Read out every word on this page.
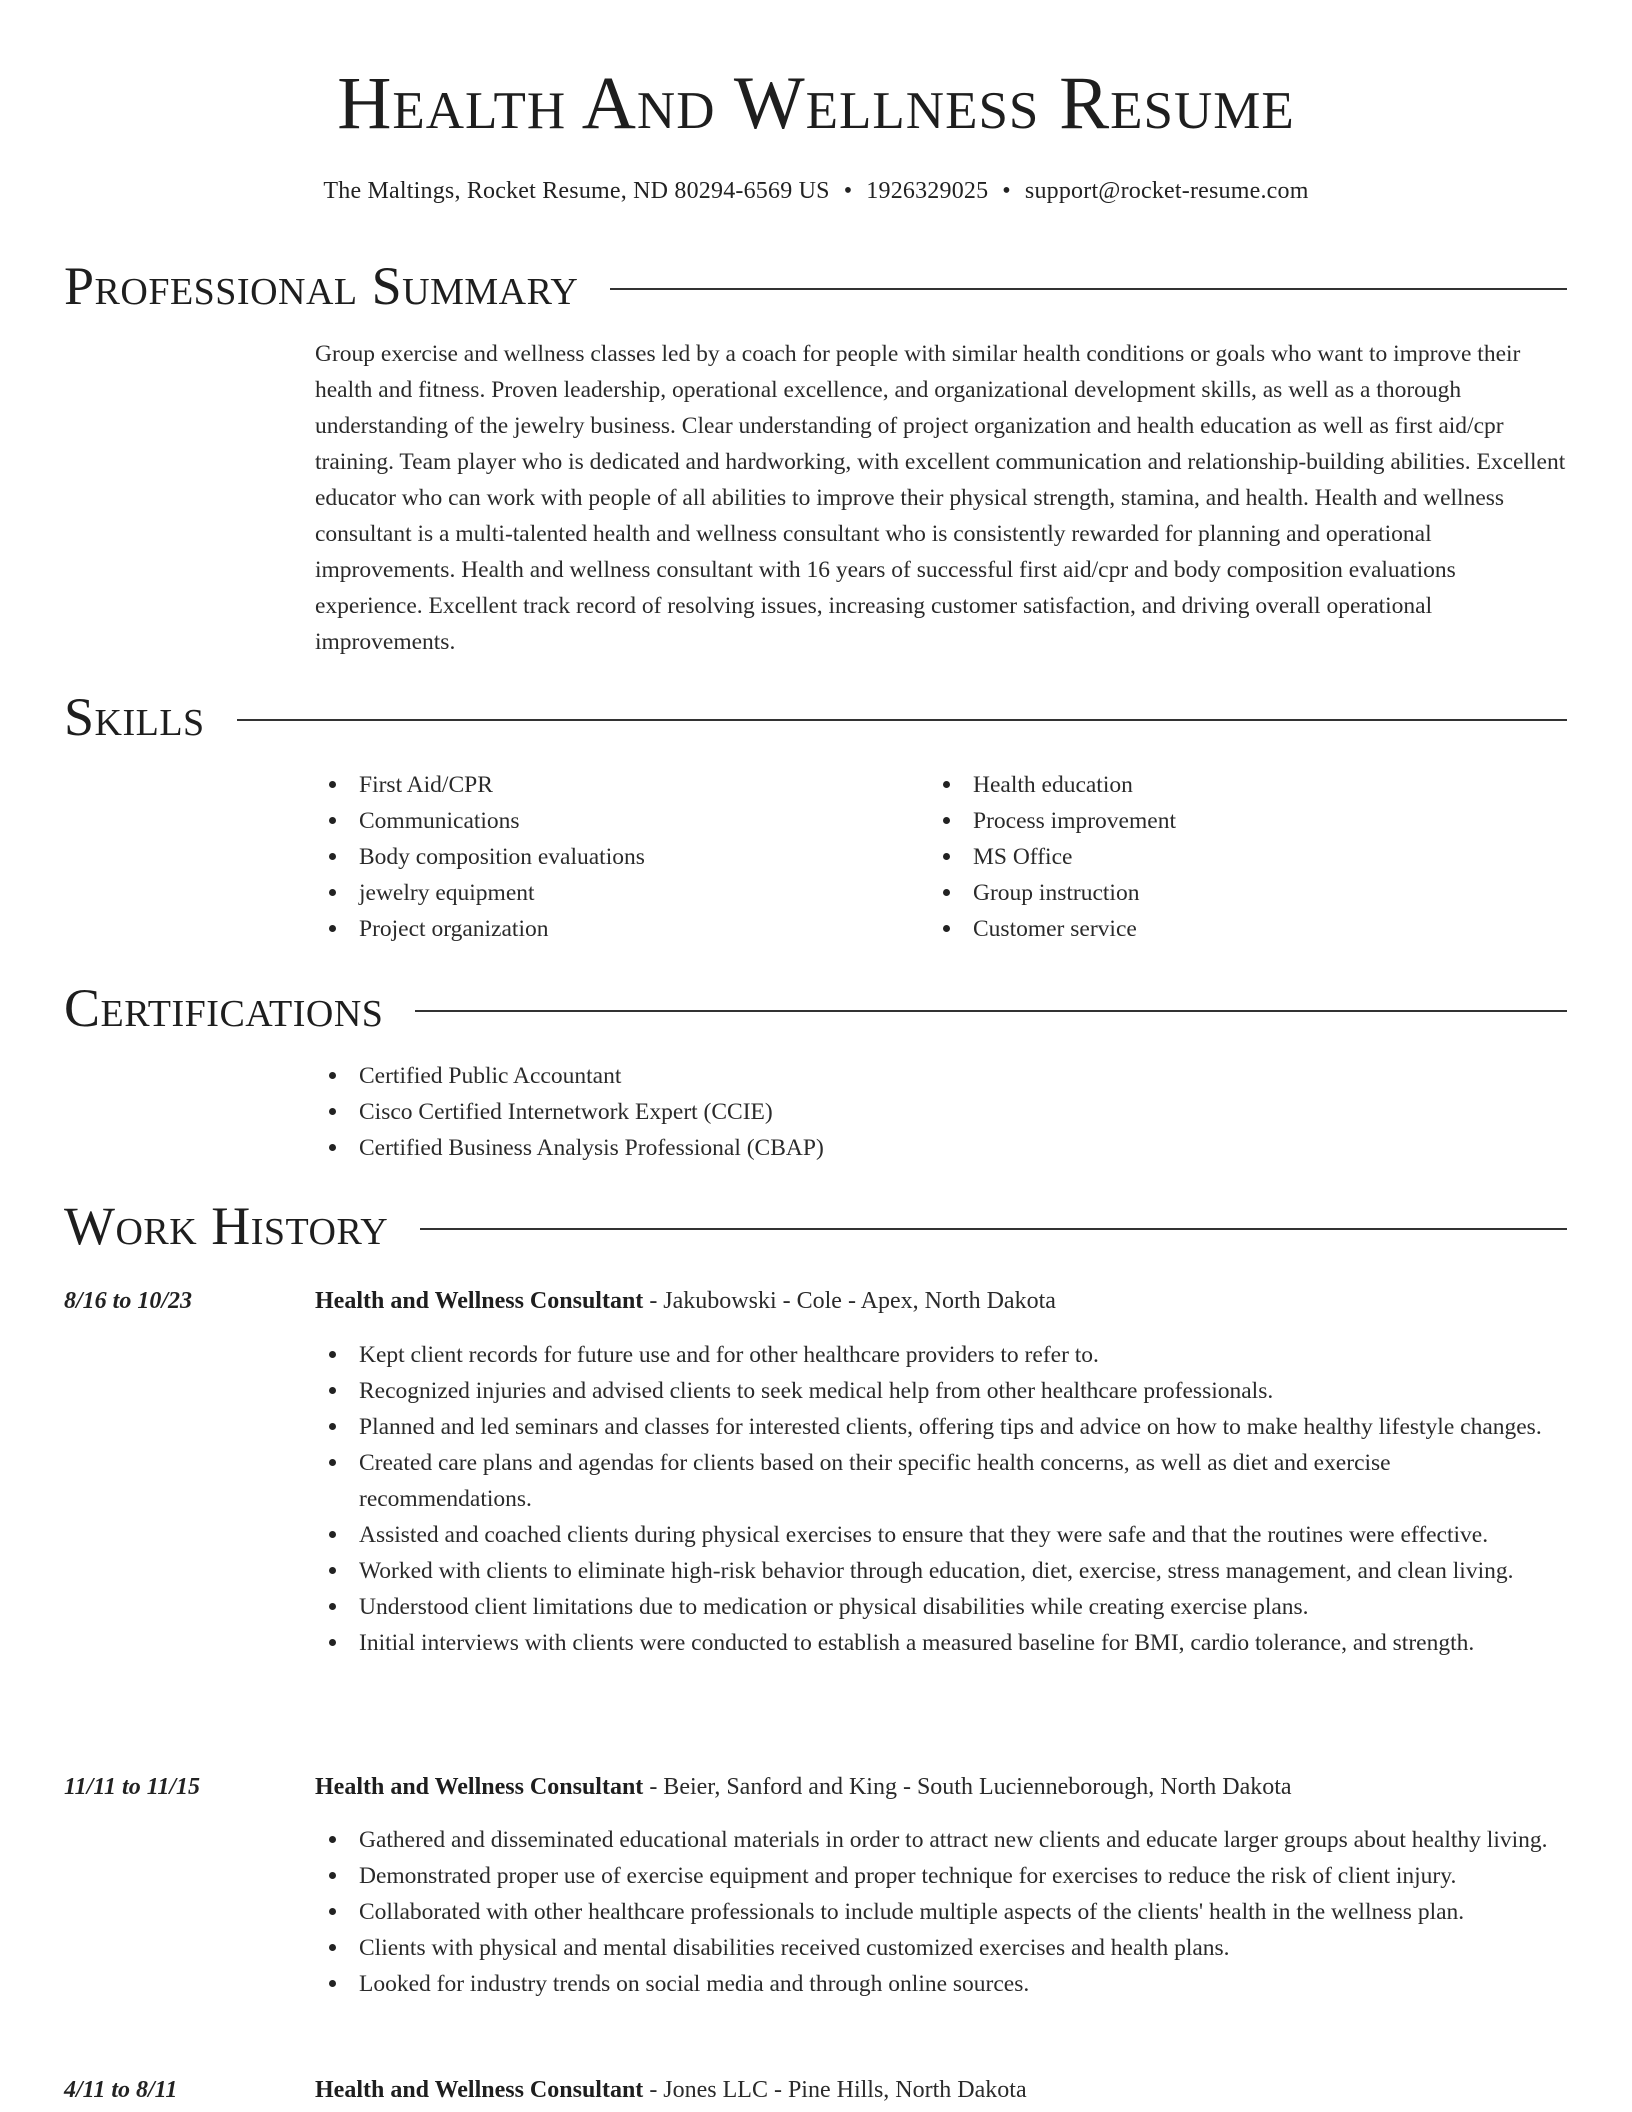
Health And Wellness Resume
The Maltings, Rocket Resume, ND 80294-6569 US • 1926329025 • support@rocket-resume.com
Professional Summary
Group exercise and wellness classes led by a coach for people with similar health conditions or goals who want to improve their health and fitness. Proven leadership, operational excellence, and organizational development skills, as well as a thorough understanding of the jewelry business. Clear understanding of project organization and health education as well as first aid/cpr training. Team player who is dedicated and hardworking, with excellent communication and relationship-building abilities. Excellent educator who can work with people of all abilities to improve their physical strength, stamina, and health. Health and wellness consultant is a multi-talented health and wellness consultant who is consistently rewarded for planning and operational improvements. Health and wellness consultant with 16 years of successful first aid/cpr and body composition evaluations experience. Excellent track record of resolving issues, increasing customer satisfaction, and driving overall operational improvements.
Skills
First Aid/CPR
Communications
Body composition evaluations
jewelry equipment
Project organization
Health education
Process improvement
MS Office
Group instruction
Customer service
Certifications
Certified Public Accountant
Cisco Certified Internetwork Expert (CCIE)
Certified Business Analysis Professional (CBAP)
Work History
8/16 to 10/23	Health and Wellness Consultant - Jakubowski - Cole - Apex, North Dakota
Kept client records for future use and for other healthcare providers to refer to.
Recognized injuries and advised clients to seek medical help from other healthcare professionals.
Planned and led seminars and classes for interested clients, offering tips and advice on how to make healthy lifestyle changes.
Created care plans and agendas for clients based on their specific health concerns, as well as diet and exercise recommendations.
Assisted and coached clients during physical exercises to ensure that they were safe and that the routines were effective.
Worked with clients to eliminate high-risk behavior through education, diet, exercise, stress management, and clean living.
Understood client limitations due to medication or physical disabilities while creating exercise plans.
Initial interviews with clients were conducted to establish a measured baseline for BMI, cardio tolerance, and strength.
11/11 to 11/15	Health and Wellness Consultant - Beier, Sanford and King - South Lucienneborough, North Dakota
Gathered and disseminated educational materials in order to attract new clients and educate larger groups about healthy living.
Demonstrated proper use of exercise equipment and proper technique for exercises to reduce the risk of client injury.
Collaborated with other healthcare professionals to include multiple aspects of the clients' health in the wellness plan.
Clients with physical and mental disabilities received customized exercises and health plans.
Looked for industry trends on social media and through online sources.
4/11 to 8/11	Health and Wellness Consultant - Jones LLC - Pine Hills, North Dakota
